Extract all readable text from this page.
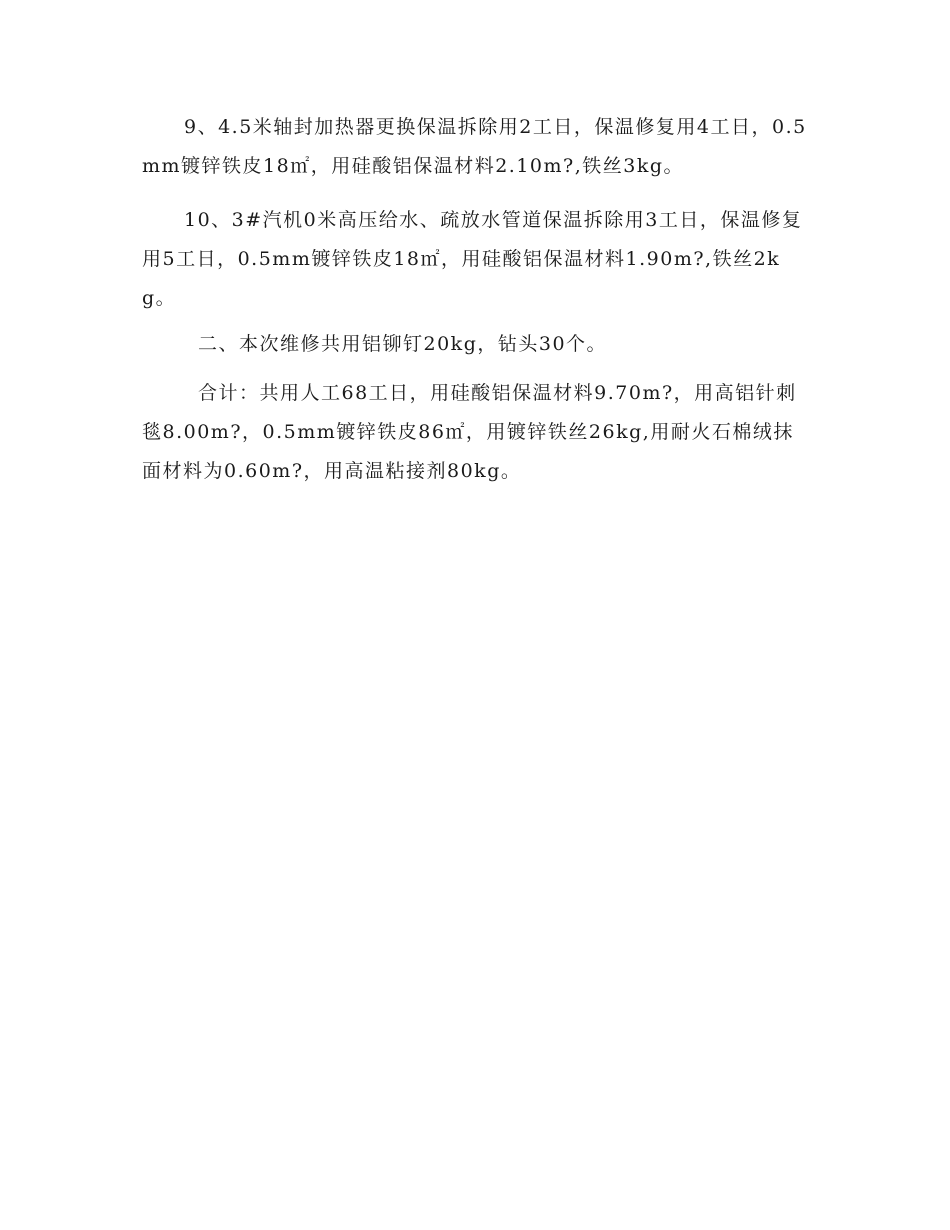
9、4.5米轴封加热器更换保温拆除用2工日，保温修复用4工日，0.5mm镀锌铁皮18㎡，用硅酸铝保温材料2.10m?,铁丝3kg。

10、3#汽机0米高压给水、疏放水管道保温拆除用3工日，保温修复用5工日，0.5mm镀锌铁皮18㎡，用硅酸铝保温材料1.90m?,铁丝2kg。

二、本次维修共用铝铆钉20kg，钻头30个。

合计：共用人工68工日，用硅酸铝保温材料9.70m?，用高铝针刺毯8.00m?，0.5mm镀锌铁皮86㎡，用镀锌铁丝26kg,用耐火石棉绒抹面材料为0.60m?，用高温粘接剂80kg。
